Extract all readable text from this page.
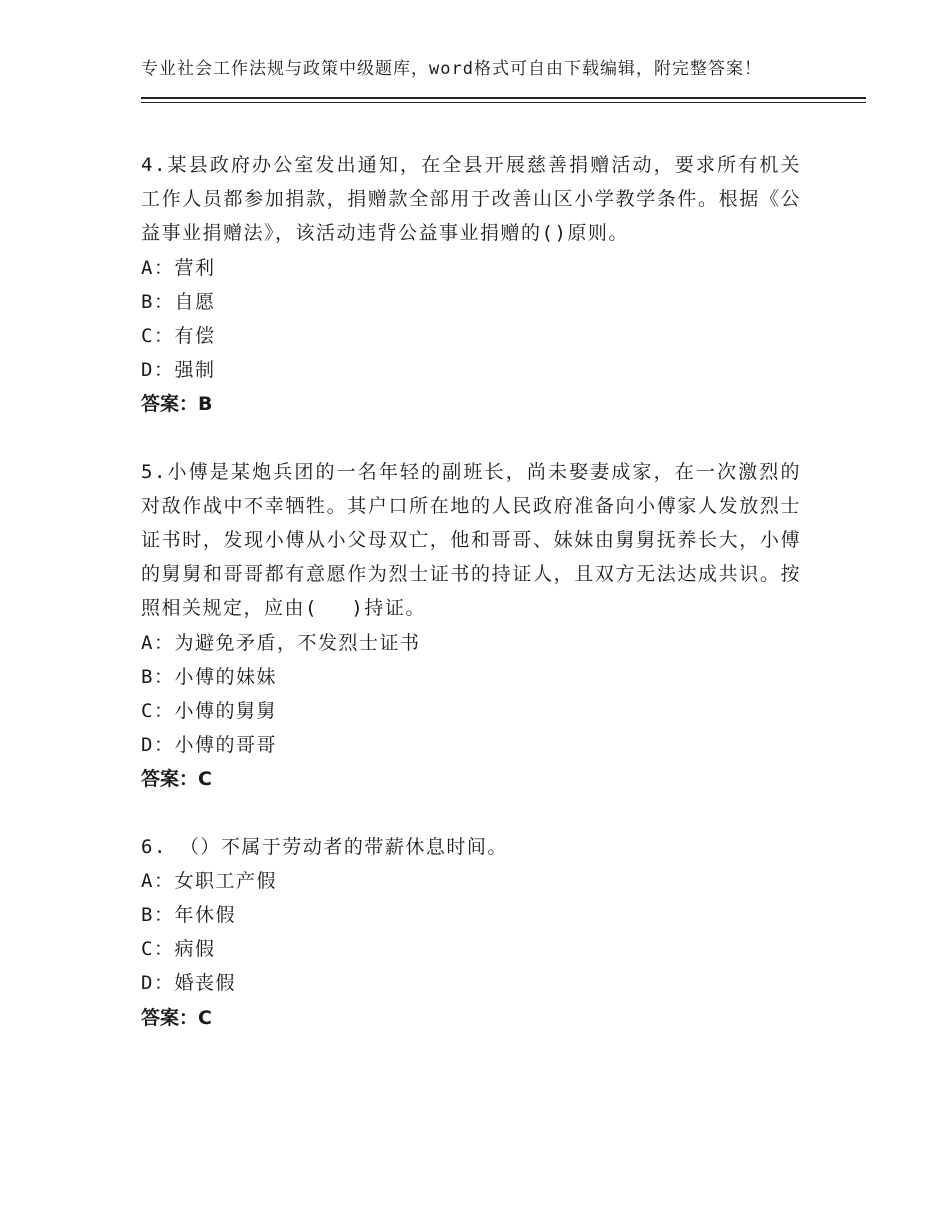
专业社会工作法规与政策中级题库，word格式可自由下载编辑，附完整答案！

4.某县政府办公室发出通知，在全县开展慈善捐赠活动，要求所有机关工作人员都参加捐款，捐赠款全部用于改善山区小学教学条件。根据《公益事业捐赠法》，该活动违背公益事业捐赠的()原则。

A：营利

B：自愿

C：有偿

D：强制

答案：B

5.小傅是某炮兵团的一名年轻的副班长，尚未娶妻成家，在一次激烈的对敌作战中不幸牺牲。其户口所在地的人民政府准备向小傅家人发放烈士证书时，发现小傅从小父母双亡，他和哥哥、妹妹由舅舅抚养长大，小傅的舅舅和哥哥都有意愿作为烈士证书的持证人，且双方无法达成共识。按照相关规定，应由(　 )持证。

A：为避免矛盾，不发烈士证书

B：小傅的妹妹

C：小傅的舅舅

D：小傅的哥哥

答案：C

6. （）不属于劳动者的带薪休息时间。

A：女职工产假

B：年休假

C：病假

D：婚丧假

答案：C
